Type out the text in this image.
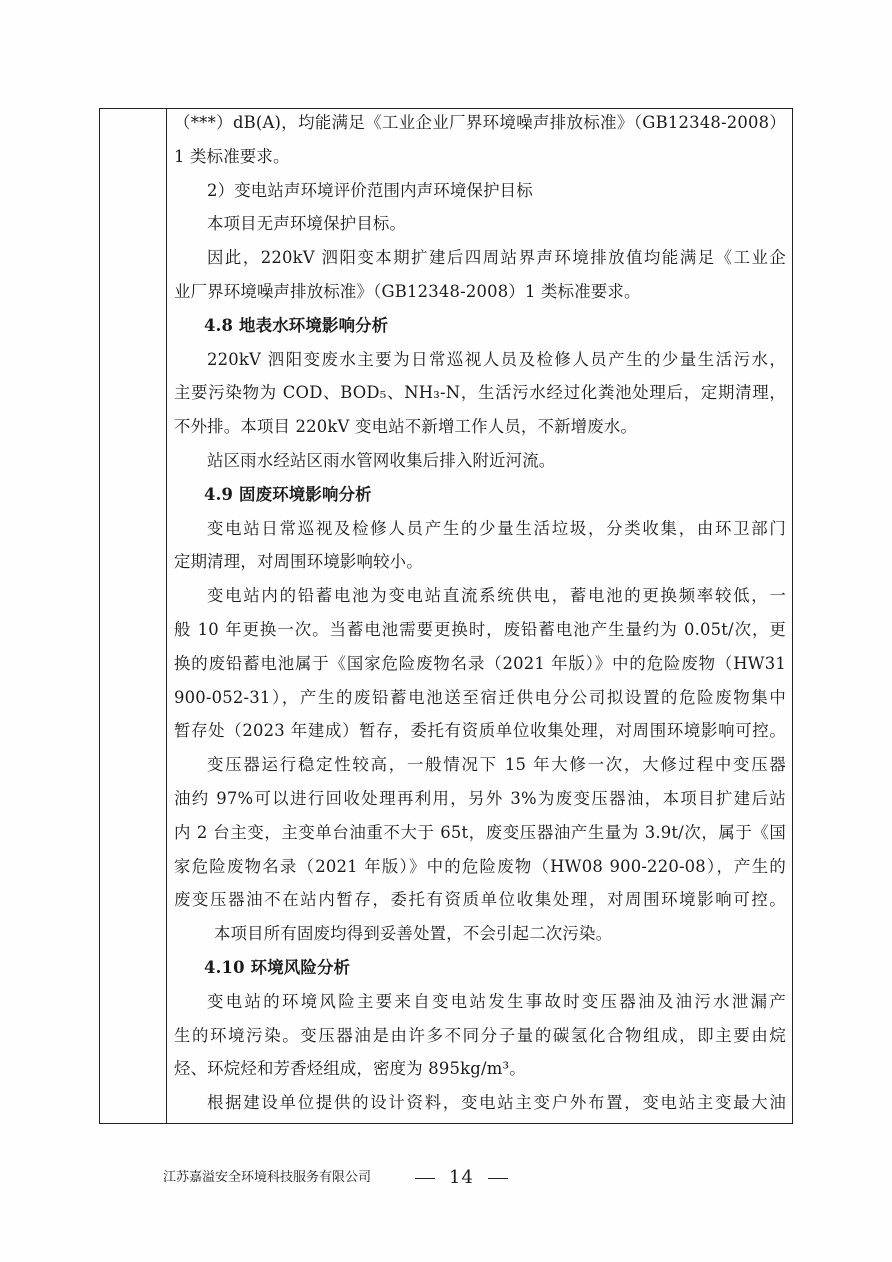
（***）dB(A)，均能满足《工业企业厂界环境噪声排放标准》（GB12348-2008）
1 类标准要求。
2）变电站声环境评价范围内声环境保护目标
本项目无声环境保护目标。
因此，220kV 泗阳变本期扩建后四周站界声环境排放值均能满足《工业企
业厂界环境噪声排放标准》（GB12348-2008）1 类标准要求。
4.8 地表水环境影响分析
220kV 泗阳变废水主要为日常巡视人员及检修人员产生的少量生活污水，
主要污染物为 COD、BOD₅、NH₃-N，生活污水经过化粪池处理后，定期清理，
不外排。本项目 220kV 变电站不新增工作人员，不新增废水。
站区雨水经站区雨水管网收集后排入附近河流。
4.9 固废环境影响分析
变电站日常巡视及检修人员产生的少量生活垃圾，分类收集，由环卫部门
定期清理，对周围环境影响较小。
变电站内的铅蓄电池为变电站直流系统供电，蓄电池的更换频率较低，一
般 10 年更换一次。当蓄电池需要更换时，废铅蓄电池产生量约为 0.05t/次，更
换的废铅蓄电池属于《国家危险废物名录（2021 年版）》中的危险废物（HW31
900-052-31），产生的废铅蓄电池送至宿迁供电分公司拟设置的危险废物集中
暂存处（2023 年建成）暂存，委托有资质单位收集处理，对周围环境影响可控。
变压器运行稳定性较高，一般情况下 15 年大修一次，大修过程中变压器
油约 97%可以进行回收处理再利用，另外 3%为废变压器油，本项目扩建后站
内 2 台主变，主变单台油重不大于 65t，废变压器油产生量为 3.9t/次，属于《国
家危险废物名录（2021 年版）》中的危险废物（HW08 900-220-08），产生的
废变压器油不在站内暂存，委托有资质单位收集处理，对周围环境影响可控。
本项目所有固废均得到妥善处置，不会引起二次污染。
4.10 环境风险分析
变电站的环境风险主要来自变电站发生事故时变压器油及油污水泄漏产
生的环境污染。变压器油是由许多不同分子量的碳氢化合物组成，即主要由烷
烃、环烷烃和芳香烃组成，密度为 895kg/m³。
根据建设单位提供的设计资料，变电站主变户外布置，变电站主变最大油
江苏嘉溢安全环境科技服务有限公司	14
